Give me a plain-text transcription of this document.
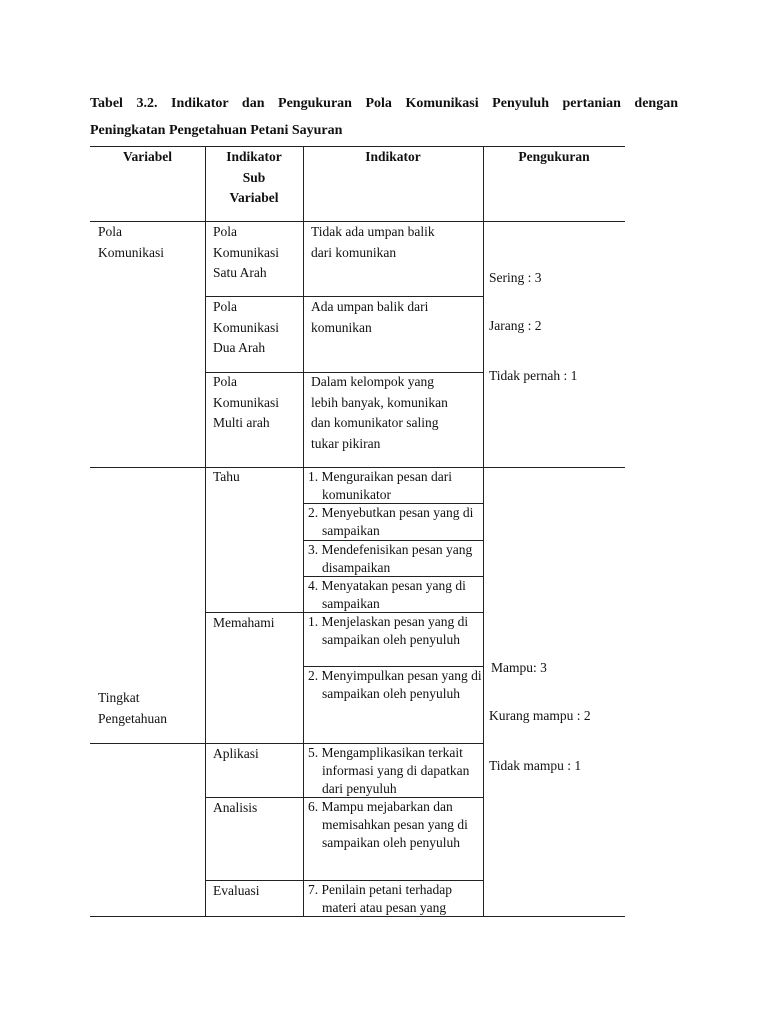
Tabel 3.2. Indikator dan Pengukuran Pola Komunikasi Penyuluh pertanian dengan
Peningkatan Pengetahuan Petani Sayuran
Variabel	Indikator
Sub
Variabel
Indikator	Pengukuran
Pola
Komunikasi
Pola
Komunikasi
Satu Arah
Pola
Komunikasi
Dua Arah
Pola
Komunikasi
Multi arah
Tidak ada umpan balik
dari komunikan
Ada umpan balik dari
komunikan
Dalam kelompok yang
lebih banyak, komunikan
dan komunikator saling
tukar pikiran
Sering : 3
Jarang : 2
Tidak pernah : 1
Tingkat
Pengetahuan
Tahu
Memahami
Aplikasi
Analisis
Evaluasi
1. Menguraikan pesan dari komunikator
2. Menyebutkan pesan yang di sampaikan
3. Mendefenisikan pesan yang disampaikan
4. Menyatakan pesan yang di sampaikan
1. Menjelaskan pesan yang di sampaikan oleh penyuluh
2. Menyimpulkan pesan yang di sampaikan oleh penyuluh
5. Mengamplikasikan terkait informasi yang di dapatkan dari penyuluh
6. Mampu mejabarkan dan memisahkan pesan yang di sampaikan oleh penyuluh
7. Penilain petani terhadap materi atau pesan yang
Mampu: 3
Kurang mampu : 2
Tidak mampu : 1
